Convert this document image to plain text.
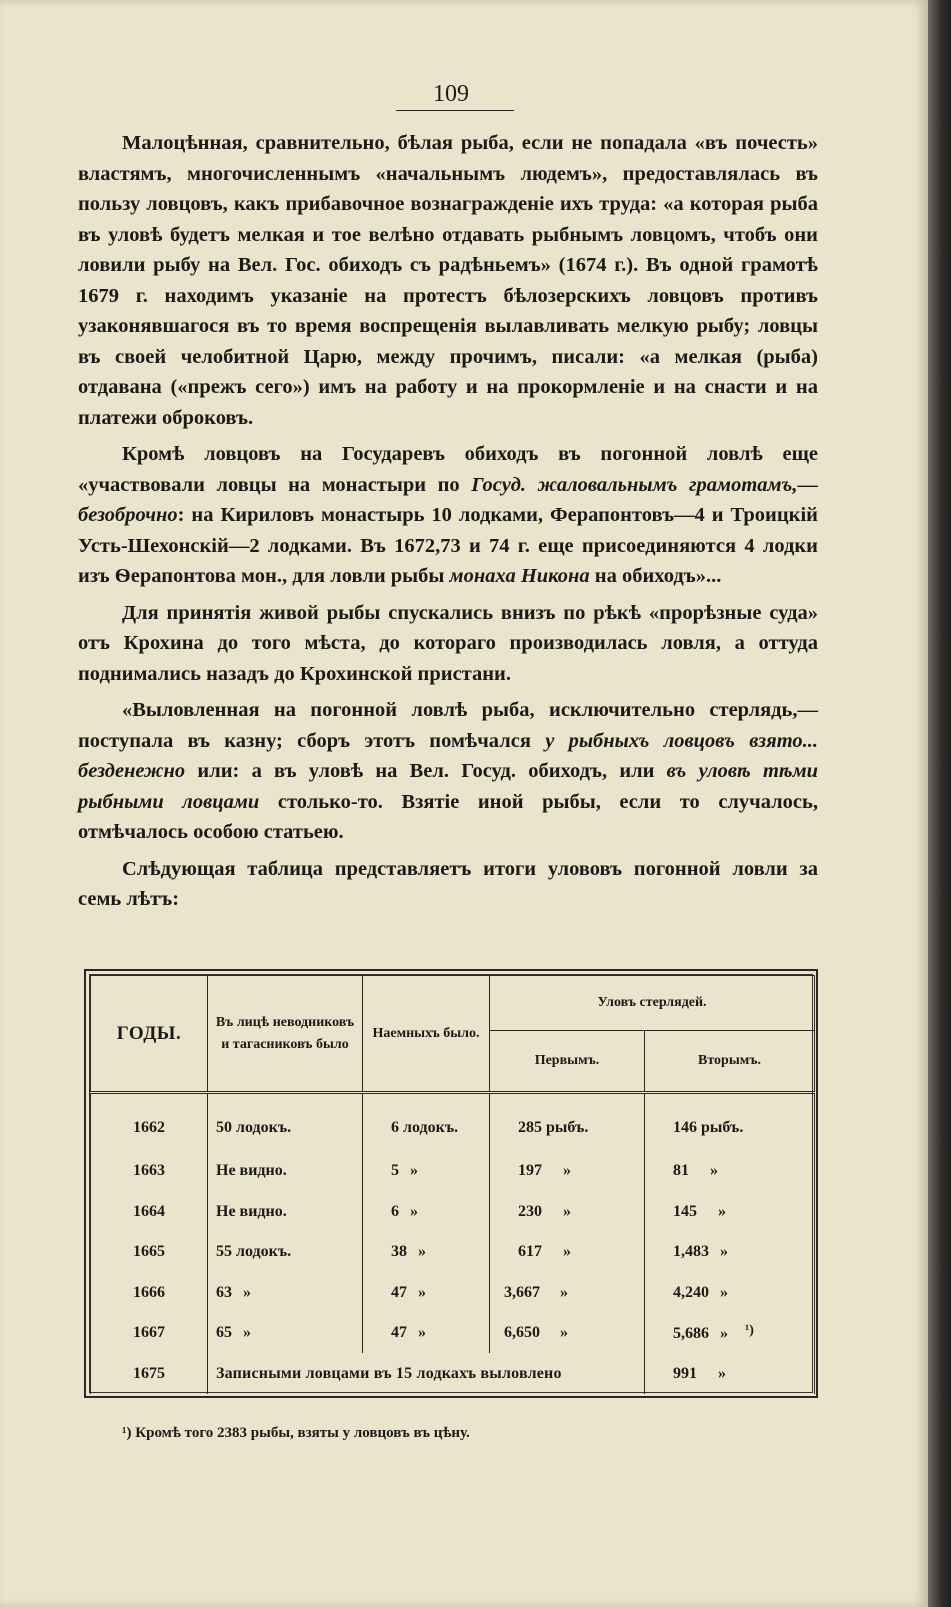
109

Малоцѣнная, сравнительно, бѣлая рыба, если не попадала «въ почесть» властямъ, многочисленнымъ «начальнымъ людемъ», предоставлялась въ пользу ловцовъ, какъ прибавочное вознагражденіе ихъ труда: «а которая рыба въ уловѣ будетъ мелкая и тое велѣно отдавать рыбнымъ ловцомъ, чтобъ они ловили рыбу на Вел. Гос. обиходъ съ радѣньемъ» (1674 г.). Въ одной грамотѣ 1679 г. находимъ указаніе на протестъ бѣлозерскихъ ловцовъ противъ узаконявшагося въ то время воспрещенія вылавливать мелкую рыбу; ловцы въ своей челобитной Царю, между прочимъ, писали: «а мелкая (рыба) отдавана («прежъ сего») имъ на работу и на прокормленіе и на снасти и на платежи оброковъ.

Кромѣ ловцовъ на Государевъ обиходъ въ погонной ловлѣ еще «участвовали ловцы на монастыри по Госуд. жаловальнымъ грамотамъ,—безоброчно: на Кириловъ монастырь 10 лодками, Ферапонтовъ—4 и Троицкій Усть-Шехонскій—2 лодками. Въ 1672,73 и 74 г. еще присоединяются 4 лодки изъ Ѳерапонтова мон., для ловли рыбы монаха Никона на обиходъ»...

Для принятія живой рыбы спускались внизъ по рѣкѣ «прорѣзные суда» отъ Крохина до того мѣста, до котораго производилась ловля, а оттуда поднимались назадъ до Крохинской пристани.

«Выловленная на погонной ловлѣ рыба, исключительно стерлядь,—поступала въ казну; сборъ этотъ помѣчался у рыбныхъ ловцовъ взято... безденежно или: а въ уловѣ на Вел. Госуд. обиходъ, или въ уловѣ тѣми рыбными ловцами столько-то. Взятіе иной рыбы, если то случалось, отмѣчалось особою статьею.

Слѣдующая таблица представляетъ итоги улововъ погонной ловли за семь лѣтъ:

ГОДЫ.	Въ лицѣ неводниковъ и тагасниковъ было	Наемныхъ было.	Уловъ стерлядей.	
			Первымъ.	Вторымъ.
1662	50 лодокъ.	6 лодокъ.	285 рыбъ.	146 рыбъ.
1663	Не видно.	5 »	197 »	81 »
1664	Не видно.	6 »	230 »	145 »
1665	55 лодокъ.	38 »	617 »	1,483 »
1666	63 »	47 »	3,667 »	4,240 »
1667	65 »	47 »	6,650 »	5,686 » ¹)
1675	Записными ловцами въ 15 лодкахъ выловлено			991 »
¹) Кромѣ того 2383 рыбы, взяты у ловцовъ въ цѣну.
